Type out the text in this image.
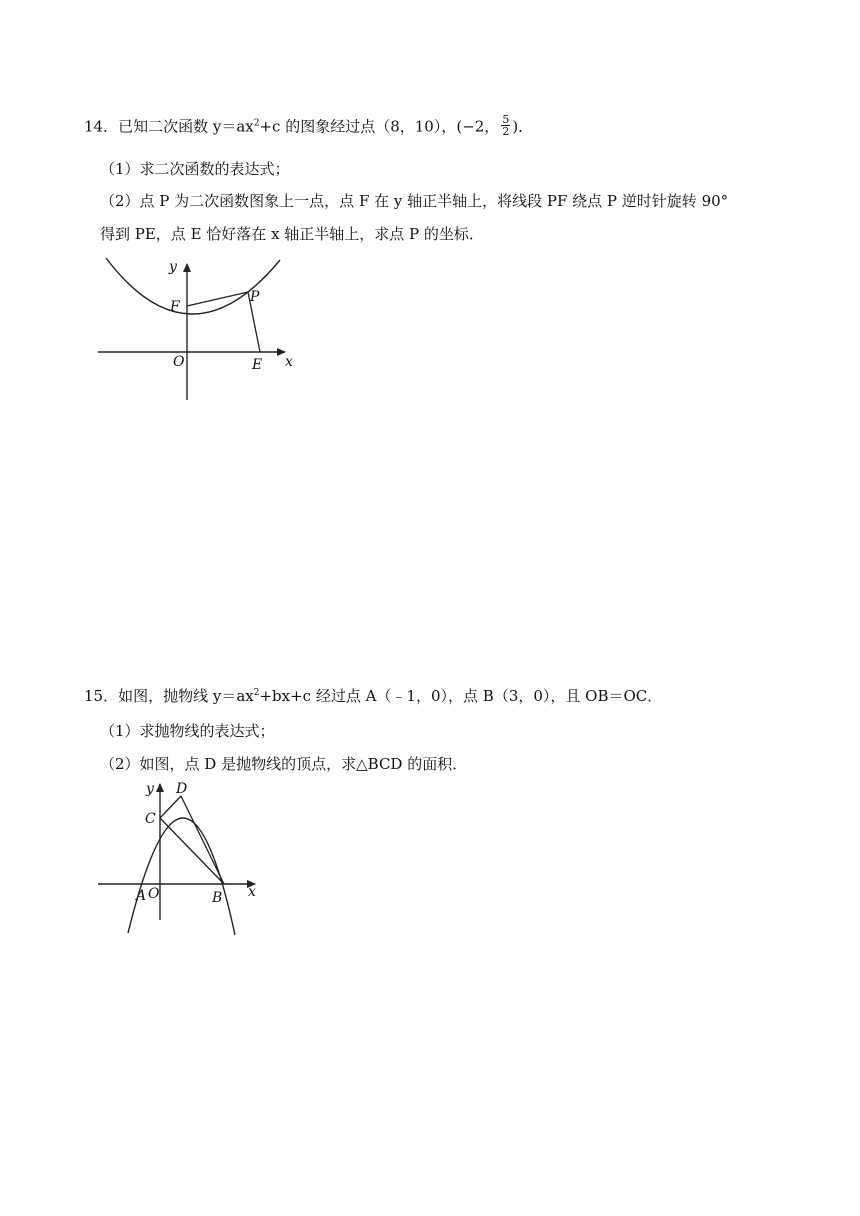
14．已知二次函数 $y=ax^2+c$ 的图象经过点（8，10），(−2， $\frac{5}{2}$ )．
（1）求二次函数的表达式；
（2）点 P 为二次函数图象上一点，点 F 在 y 轴正半轴上，将线段 PF 绕点 P 逆时针旋转 90°
得到 PE，点 E 恰好落在 x 轴正半轴上，求点 P 的坐标．
y
F
P
O	E x
15．如图，抛物线 $y=ax^2+bx+c$ 经过点 A（﹣1，0），点 B（3，0），且 OB＝OC．
（1）求抛物线的表达式；
（2）如图，点 D 是抛物线的顶点，求△BCD 的面积．
y D
C
A O	B x
